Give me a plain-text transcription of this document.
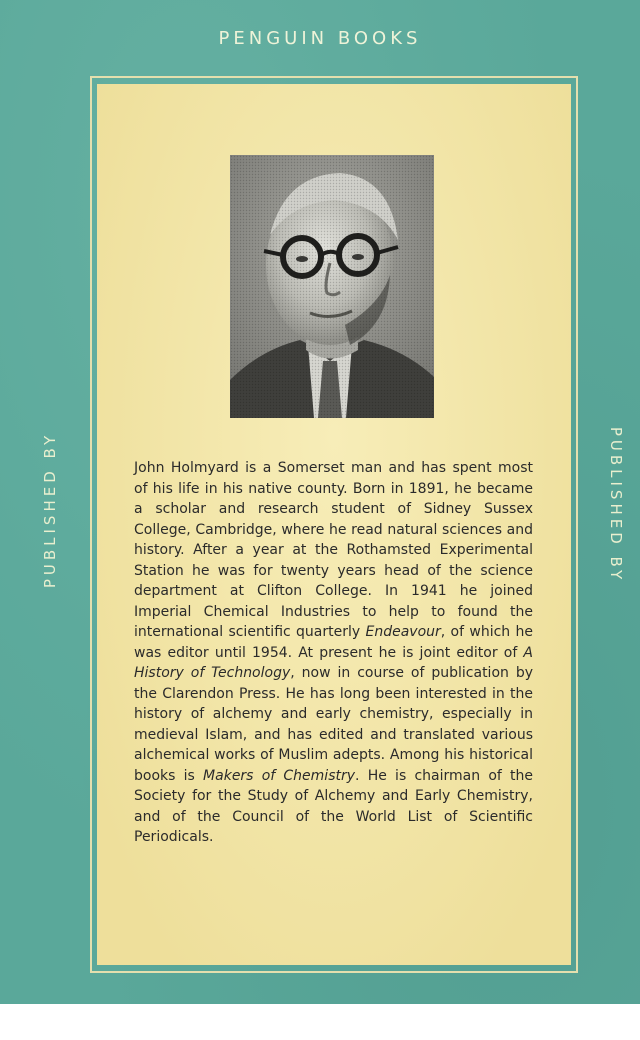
PENGUIN BOOKS
PUBLISHED BY	PUBLISHED BY

John Holmyard is a Somerset man and has spent most of his life in his native county. Born in 1891, he became a scholar and research student of Sidney Sussex College, Cambridge, where he read natural sciences and history. After a year at the Rothamsted Experimental Station he was for twenty years head of the science department at Clifton College. In 1941 he joined Imperial Chemical Industries to help to found the international scientific quarterly Endeavour, of which he was editor until 1954. At present he is joint editor of A History of Technology, now in course of publication by the Clarendon Press. He has long been interested in the history of alchemy and early chemistry, especially in medieval Islam, and has edited and translated various alchemical works of Muslim adepts. Among his historical books is Makers of Chemistry. He is chairman of the Society for the Study of Alchemy and Early Chemistry, and of the Council of the World List of Scientific Periodicals.
